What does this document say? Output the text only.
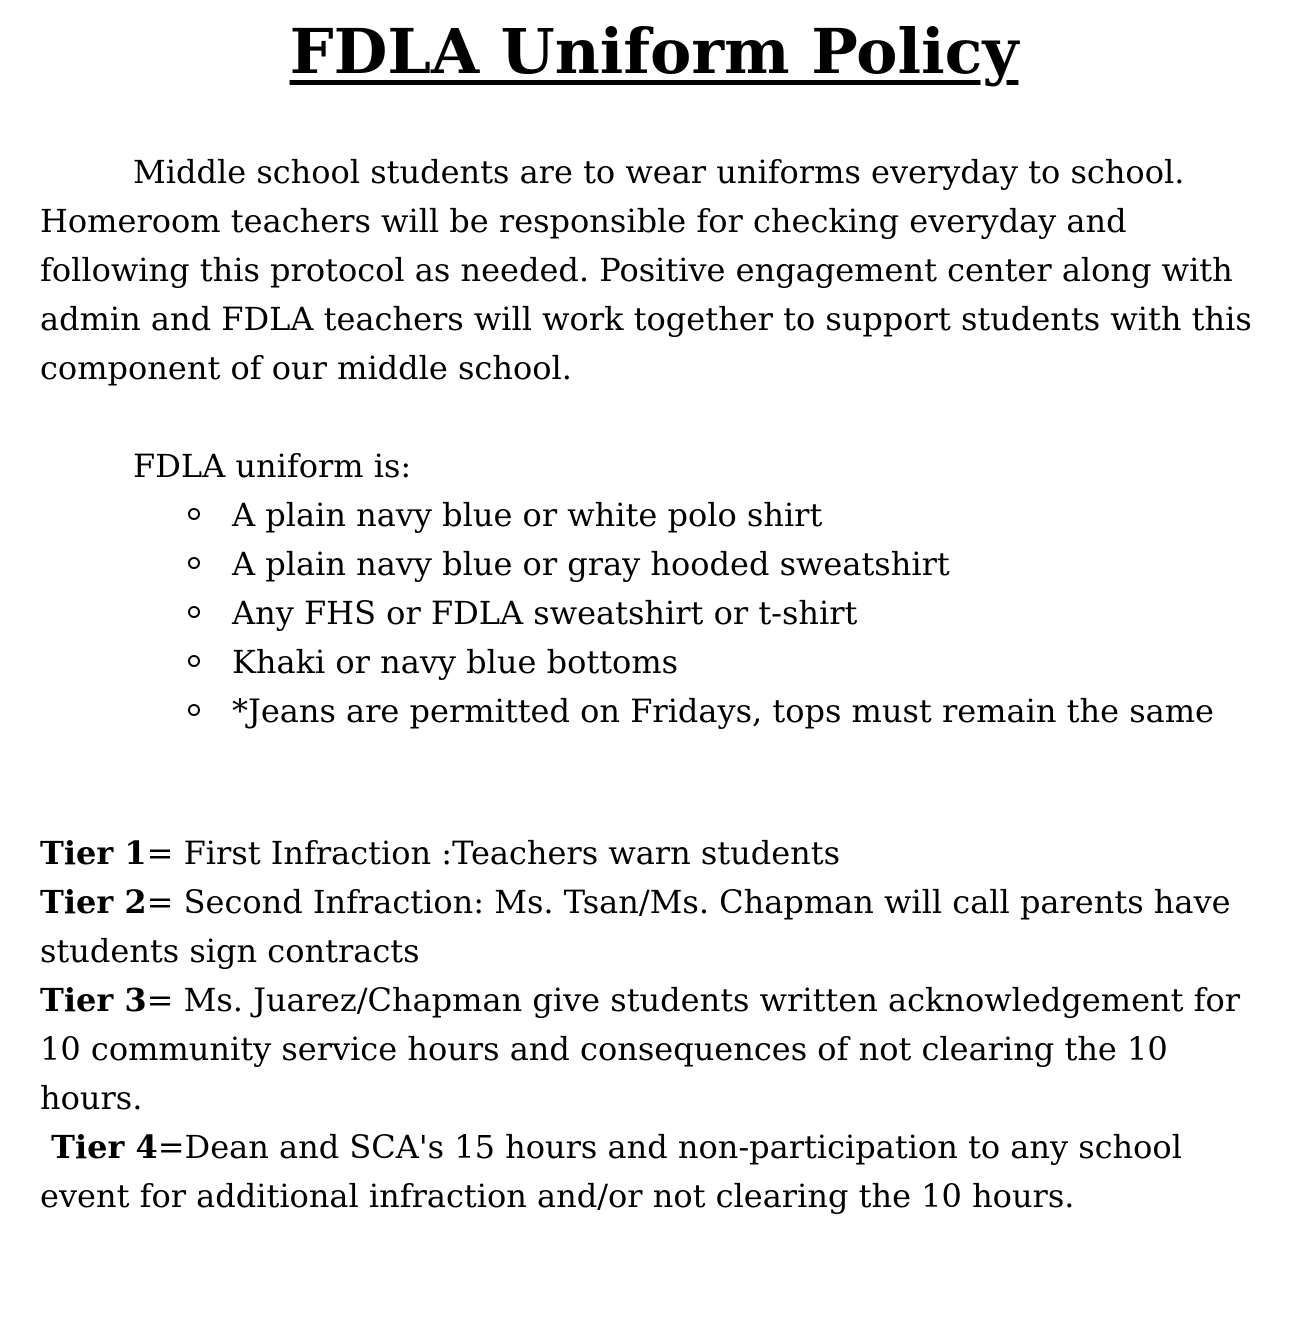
FDLA Uniform Policy

Middle school students are to wear uniforms everyday to school. Homeroom teachers will be responsible for checking everyday and following this protocol as needed. Positive engagement center along with admin and FDLA teachers will work together to support students with this component of our middle school.

FDLA uniform is:
A plain navy blue or white polo shirt
A plain navy blue or gray hooded sweatshirt
Any FHS or FDLA sweatshirt or t-shirt
Khaki or navy blue bottoms
*Jeans are permitted on Fridays, tops must remain the same

Tier 1= First Infraction :Teachers warn students

Tier 2= Second Infraction: Ms. Tsan/Ms. Chapman will call parents have students sign contracts

Tier 3= Ms. Juarez/Chapman give students written acknowledgement for 10 community service hours and consequences of not clearing the 10 hours.

Tier 4=Dean and SCA's 15 hours and non-participation to any school event for additional infraction and/or not clearing the 10 hours.
